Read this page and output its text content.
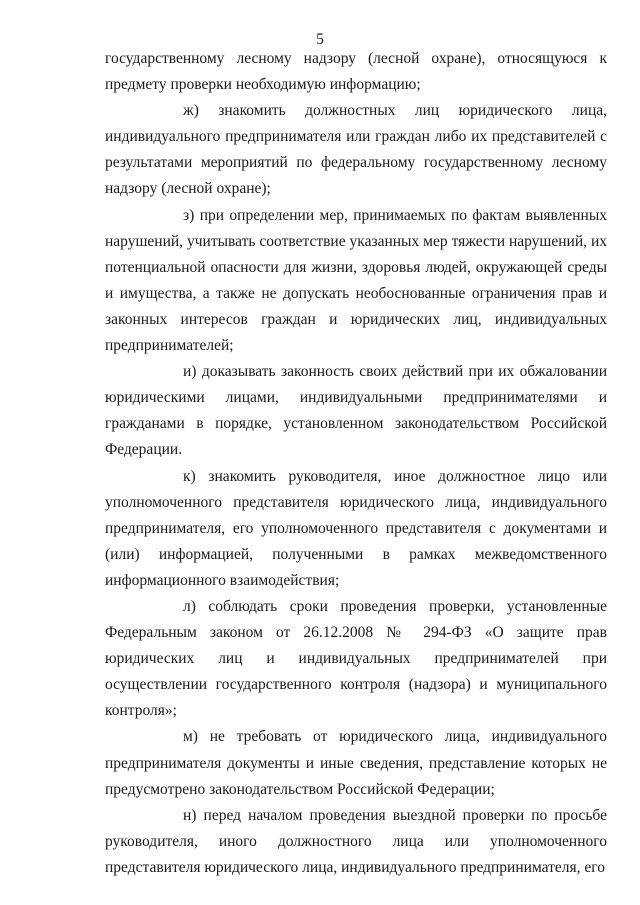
5

государственному лесному надзору (лесной охране), относящуюся к предмету проверки необходимую информацию;

ж) знакомить должностных лиц юридического лица, индивидуального предпринимателя или граждан либо их представителей с результатами мероприятий по федеральному государственному лесному надзору (лесной охране);

з) при определении мер, принимаемых по фактам выявленных нарушений, учитывать соответствие указанных мер тяжести нарушений, их потенциальной опасности для жизни, здоровья людей, окружающей среды и имущества, а также не допускать необоснованные ограничения прав и законных интересов граждан и юридических лиц, индивидуальных предпринимателей;

и) доказывать законность своих действий при их обжаловании юридическими лицами, индивидуальными предпринимателями и гражданами в порядке, установленном законодательством Российской Федерации.

к) знакомить руководителя, иное должностное лицо или уполномоченного представителя юридического лица, индивидуального предпринимателя, его уполномоченного представителя с документами и (или) информацией, полученными в рамках межведомственного информационного взаимодействия;

л) соблюдать сроки проведения проверки, установленные Федеральным законом от 26.12.2008 № 294-ФЗ «О защите прав юридических лиц и индивидуальных предпринимателей при осуществлении государственного контроля (надзора) и муниципального контроля»;

м) не требовать от юридического лица, индивидуального предпринимателя документы и иные сведения, представление которых не предусмотрено законодательством Российской Федерации;

н) перед началом проведения выездной проверки по просьбе руководителя, иного должностного лица или уполномоченного представителя юридического лица, индивидуального предпринимателя, его
